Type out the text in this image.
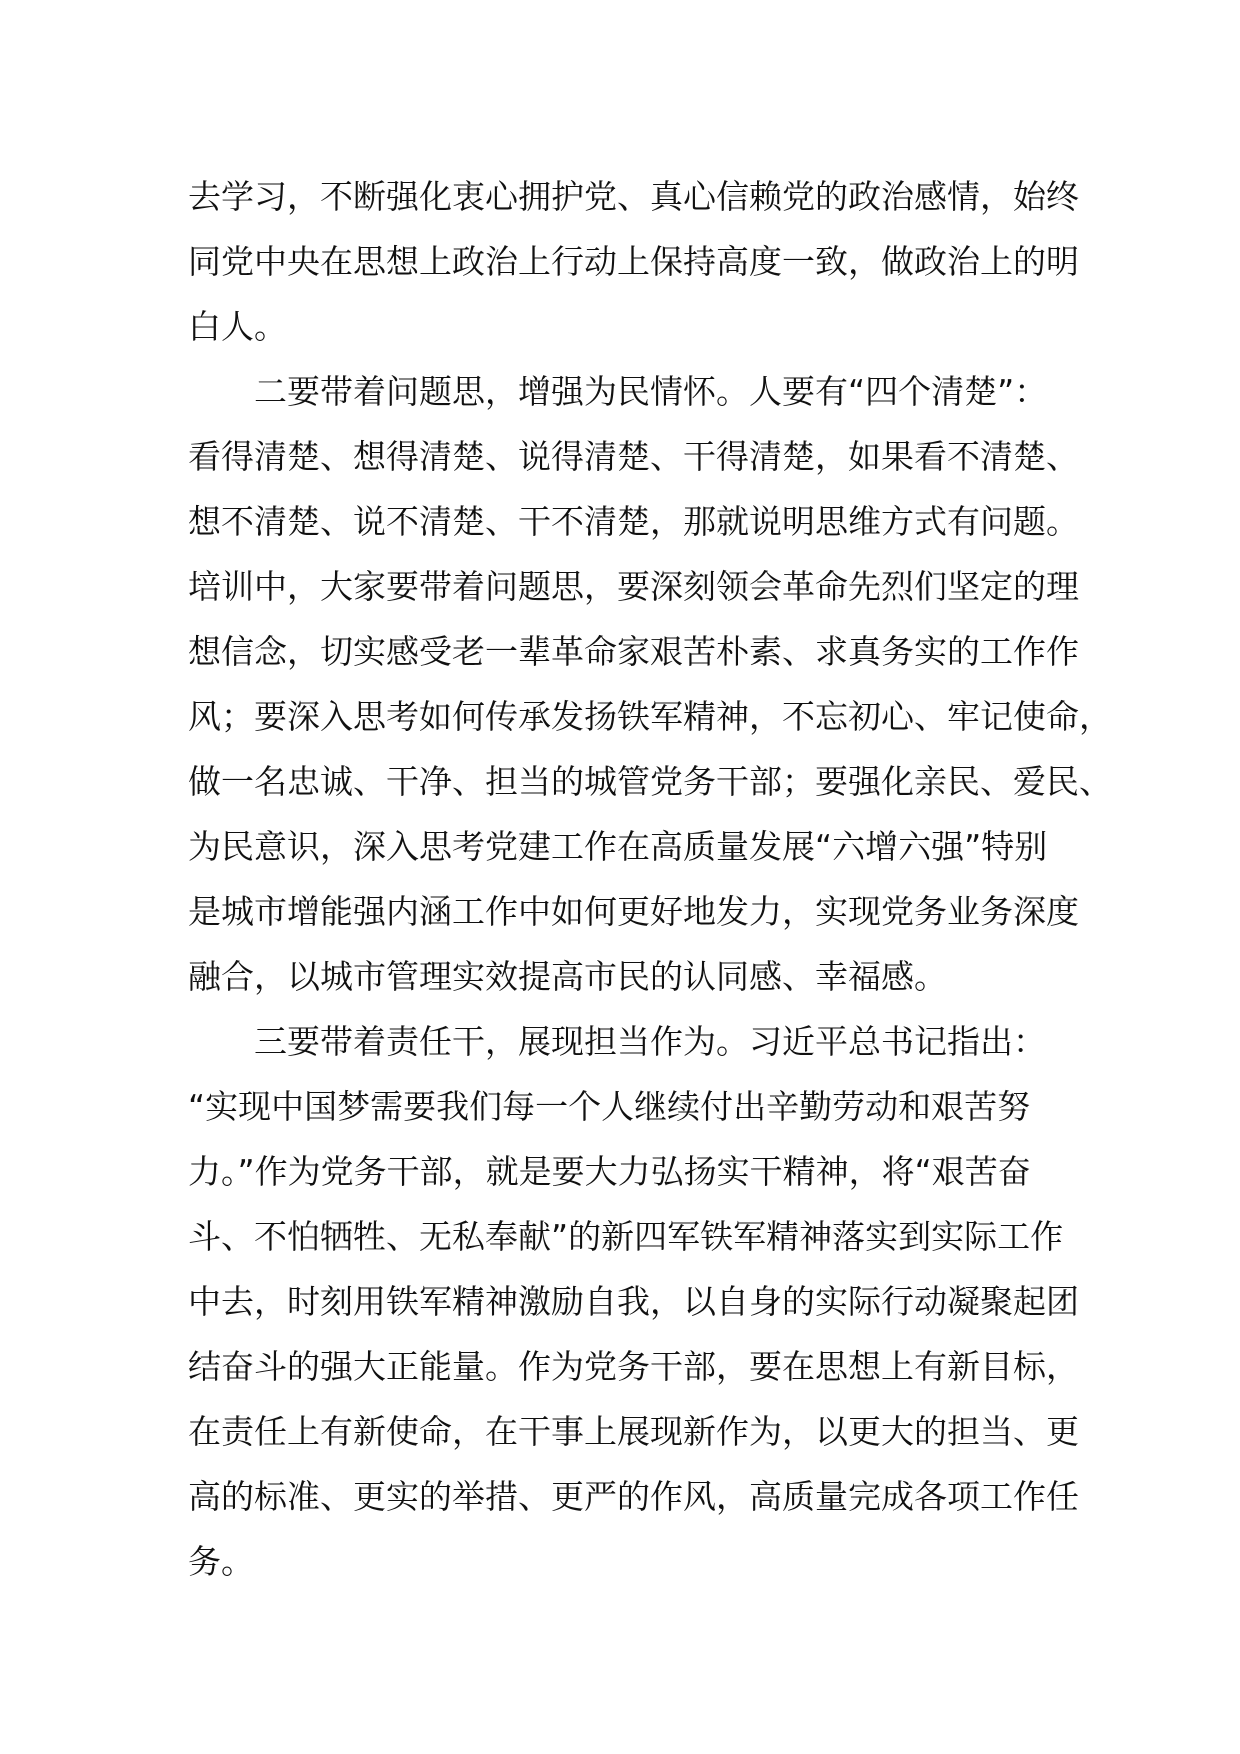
去学习，不断强化衷心拥护党、真心信赖党的政治感情，始终
同党中央在思想上政治上行动上保持高度一致，做政治上的明
白人。
二要带着问题思，增强为民情怀。人要有“四个清楚”：
看得清楚、想得清楚、说得清楚、干得清楚，如果看不清楚、
想不清楚、说不清楚、干不清楚，那就说明思维方式有问题。
培训中，大家要带着问题思，要深刻领会革命先烈们坚定的理
想信念，切实感受老一辈革命家艰苦朴素、求真务实的工作作
风；要深入思考如何传承发扬铁军精神，不忘初心、牢记使命，
做一名忠诚、干净、担当的城管党务干部；要强化亲民、爱民、
为民意识，深入思考党建工作在高质量发展“六增六强”特别
是城市增能强内涵工作中如何更好地发力，实现党务业务深度
融合，以城市管理实效提高市民的认同感、幸福感。
三要带着责任干，展现担当作为。习近平总书记指出：
“实现中国梦需要我们每一个人继续付出辛勤劳动和艰苦努
力。”作为党务干部，就是要大力弘扬实干精神，将“艰苦奋
斗、不怕牺牲、无私奉献”的新四军铁军精神落实到实际工作
中去，时刻用铁军精神激励自我，以自身的实际行动凝聚起团
结奋斗的强大正能量。作为党务干部，要在思想上有新目标，
在责任上有新使命，在干事上展现新作为，以更大的担当、更
高的标准、更实的举措、更严的作风，高质量完成各项工作任
务。
